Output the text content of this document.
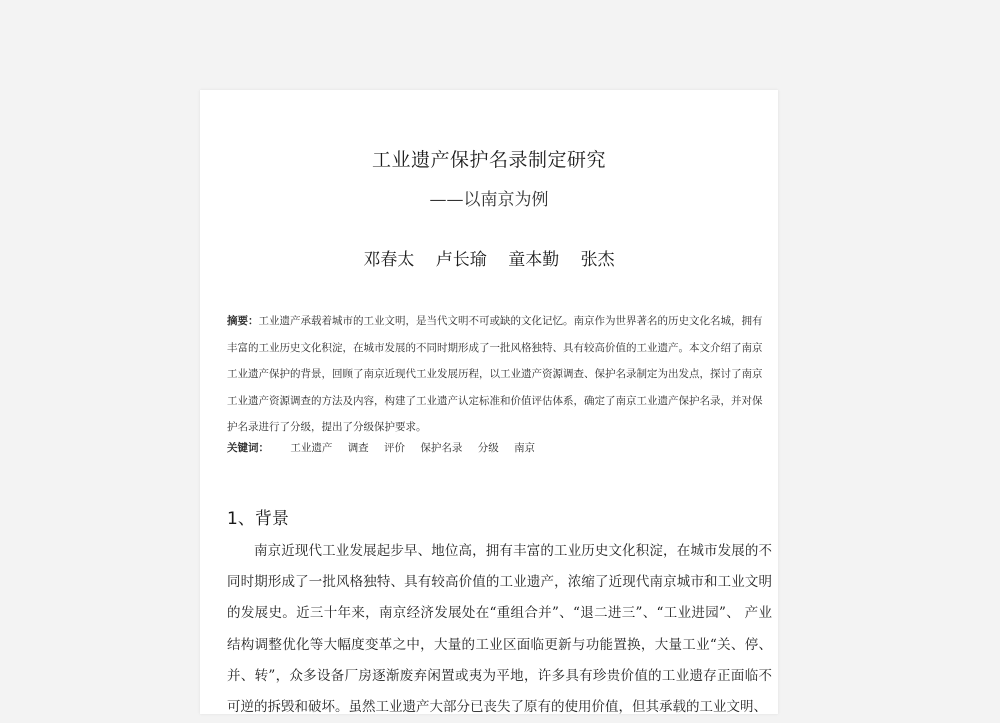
工业遗产保护名录制定研究
——以南京为例
邓春太 卢长瑜 童本勤 张杰
摘要：工业遗产承载着城市的工业文明，是当代文明不可或缺的文化记忆。南京作为世界著名的历史文化名城，拥有丰富的工业历史文化积淀，在城市发展的不同时期形成了一批风格独特、具有较高价值的工业遗产。本文介绍了南京工业遗产保护的背景，回顾了南京近现代工业发展历程，以工业遗产资源调查、保护名录制定为出发点，探讨了南京工业遗产资源调查的方法及内容，构建了工业遗产认定标准和价值评估体系，确定了南京工业遗产保护名录，并对保护名录进行了分级，提出了分级保护要求。
关键词： 工业遗产 调查 评价 保护名录 分级 南京
1、背景
南京近现代工业发展起步早、地位高，拥有丰富的工业历史文化积淀，在城市发展的不同时期形成了一批风格独特、具有较高价值的工业遗产，浓缩了近现代南京城市和工业文明的发展史。近三十年来，南京经济发展处在“重组合并”、“退二进三”、“工业进园”、 产业结构调整优化等大幅度变革之中，大量的工业区面临更新与功能置换，大量工业“关、停、并、转”，众多设备厂房逐渐废弃闲置或夷为平地，许多具有珍贵价值的工业遗存正面临不可逆的拆毁和破坏。虽然工业遗产大部分已丧失了原有的使用价值，但其承载的工业文明、
